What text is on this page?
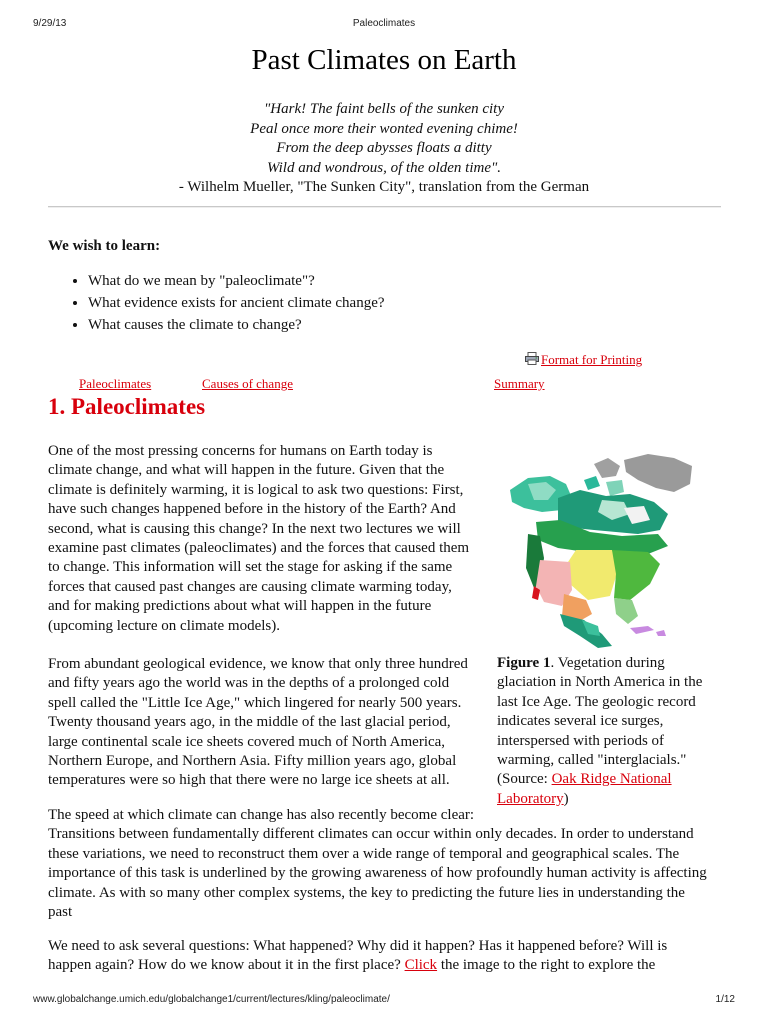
9/29/13	Paleoclimates
Past Climates on Earth
"Hark! The faint bells of the sunken city
Peal once more their wonted evening chime!
From the deep abysses floats a ditty
Wild and wondrous, of the olden time".
- Wilhelm Mueller, "The Sunken City", translation from the German
We wish to learn:
• What do we mean by "paleoclimate"?
• What evidence exists for ancient climate change?
• What causes the climate to change?
Format for Printing
Paleoclimates	Causes of change	Summary
1. Paleoclimates
One of the most pressing concerns for humans on Earth today is
climate change, and what will happen in the future. Given that the
climate is definitely warming, it is logical to ask two questions: First,
have such changes happened before in the history of the Earth? And
second, what is causing this change? In the next two lectures we will
examine past climates (paleoclimates) and the forces that caused them
to change. This information will set the stage for asking if the same
forces that caused past changes are causing climate warming today,
and for making predictions about what will happen in the future
(upcoming lecture on climate models).
Figure 1. Vegetation during glaciation in North America in the last Ice Age. The geologic record indicates several ice surges, interspersed with periods of warming, called "interglacials." (Source: Oak Ridge National Laboratory)
From abundant geological evidence, we know that only three hundred
and fifty years ago the world was in the depths of a prolonged cold
spell called the "Little Ice Age," which lingered for nearly 500 years.
Twenty thousand years ago, in the middle of the last glacial period,
large continental scale ice sheets covered much of North America,
Northern Europe, and Northern Asia. Fifty million years ago, global
temperatures were so high that there were no large ice sheets at all.
The speed at which climate can change has also recently become clear:
Transitions between fundamentally different climates can occur within only decades. In order to understand
these variations, we need to reconstruct them over a wide range of temporal and geographical scales. The
importance of this task is underlined by the growing awareness of how profoundly human activity is affecting
climate. As with so many other complex systems, the key to predicting the future lies in understanding the
past
We need to ask several questions: What happened? Why did it happen? Has it happened before? Will is
happen again? How do we know about it in the first place? Click the image to the right to explore the
www.globalchange.umich.edu/globalchange1/current/lectures/kling/paleoclimate/	1/12
